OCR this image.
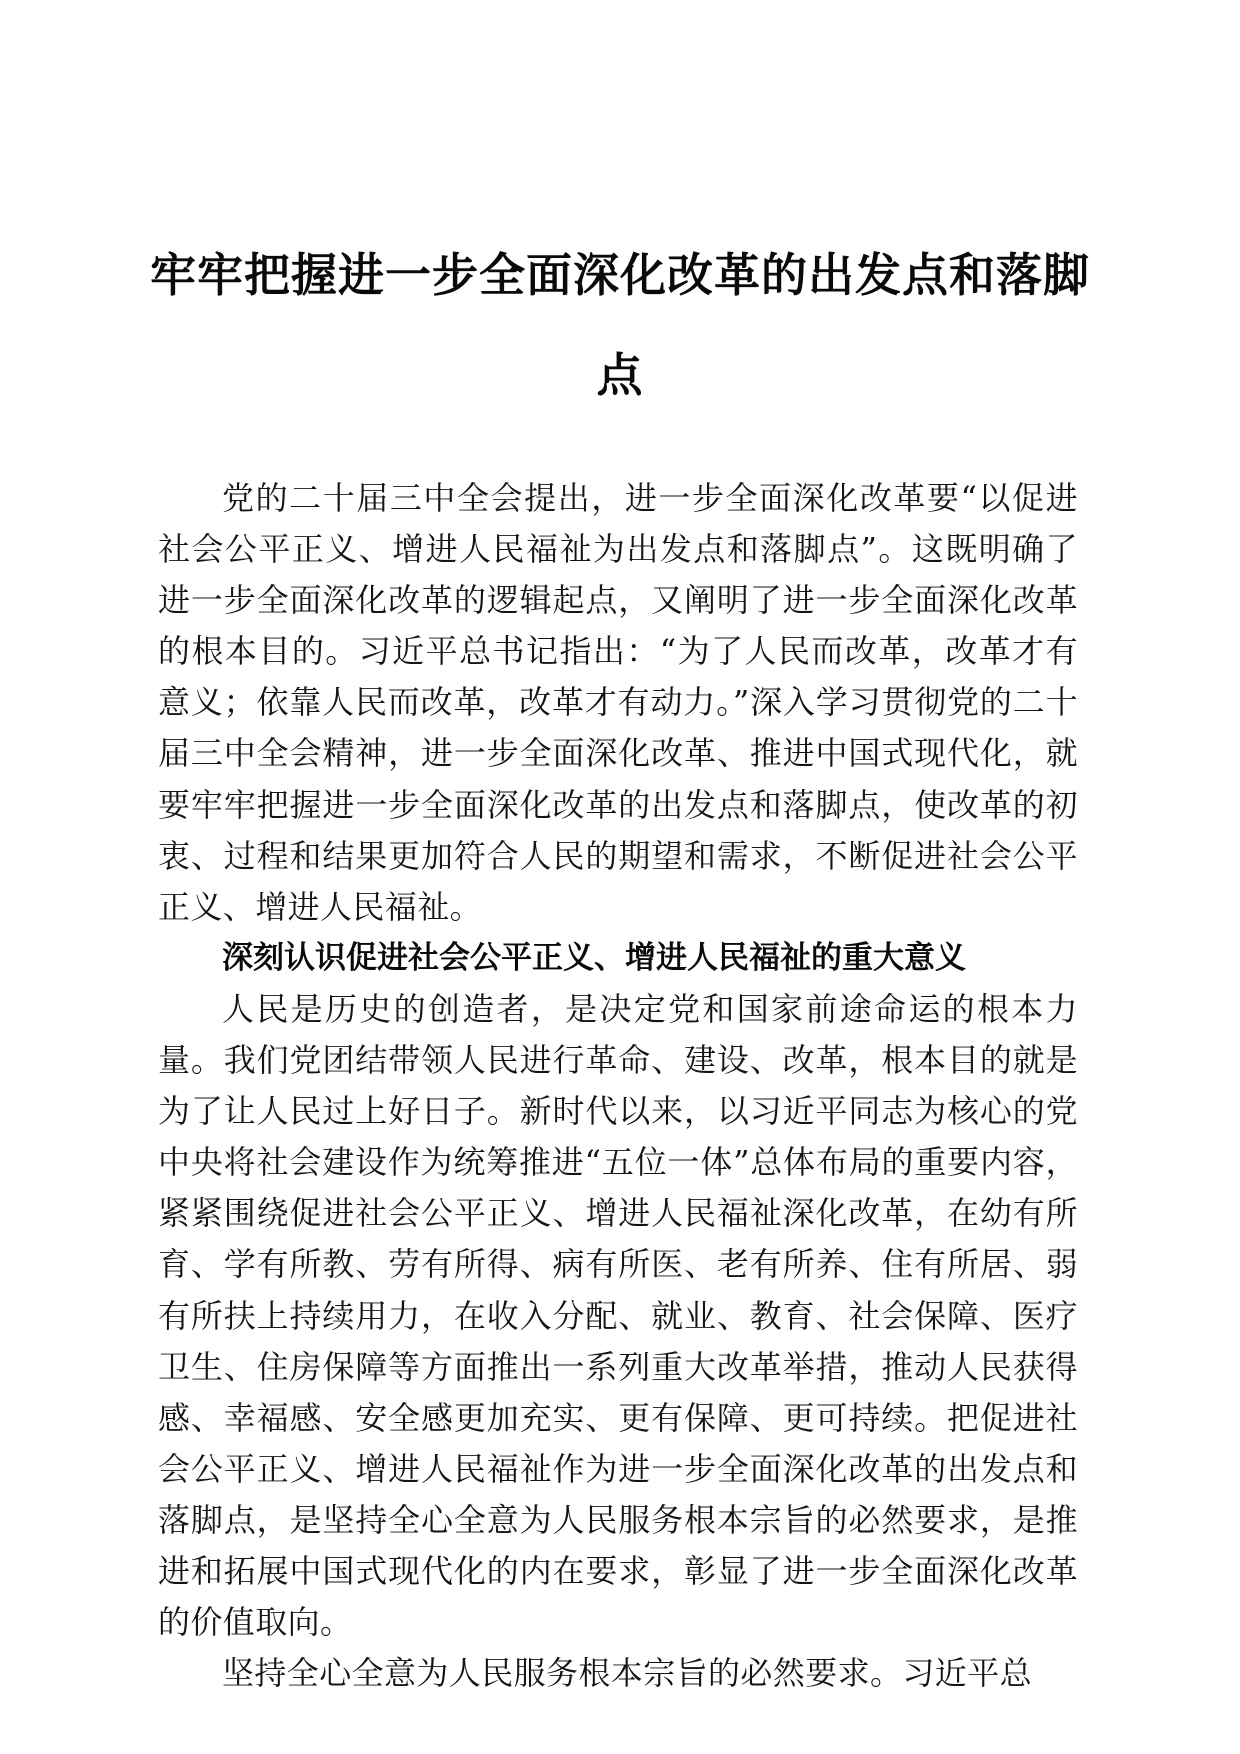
牢牢把握进一步全面深化改革的出发点和落脚点

党的二十届三中全会提出，进一步全面深化改革要“以促进社会公平正义、增进人民福祉为出发点和落脚点”。这既明确了进一步全面深化改革的逻辑起点，又阐明了进一步全面深化改革的根本目的。习近平总书记指出：“为了人民而改革，改革才有意义；依靠人民而改革，改革才有动力。”深入学习贯彻党的二十届三中全会精神，进一步全面深化改革、推进中国式现代化，就要牢牢把握进一步全面深化改革的出发点和落脚点，使改革的初衷、过程和结果更加符合人民的期望和需求，不断促进社会公平正义、增进人民福祉。

深刻认识促进社会公平正义、增进人民福祉的重大意义

人民是历史的创造者，是决定党和国家前途命运的根本力量。我们党团结带领人民进行革命、建设、改革，根本目的就是为了让人民过上好日子。新时代以来，以习近平同志为核心的党中央将社会建设作为统筹推进“五位一体”总体布局的重要内容，紧紧围绕促进社会公平正义、增进人民福祉深化改革，在幼有所育、学有所教、劳有所得、病有所医、老有所养、住有所居、弱有所扶上持续用力，在收入分配、就业、教育、社会保障、医疗卫生、住房保障等方面推出一系列重大改革举措，推动人民获得感、幸福感、安全感更加充实、更有保障、更可持续。把促进社会公平正义、增进人民福祉作为进一步全面深化改革的出发点和落脚点，是坚持全心全意为人民服务根本宗旨的必然要求，是推进和拓展中国式现代化的内在要求，彰显了进一步全面深化改革的价值取向。

坚持全心全意为人民服务根本宗旨的必然要求。习近平总
